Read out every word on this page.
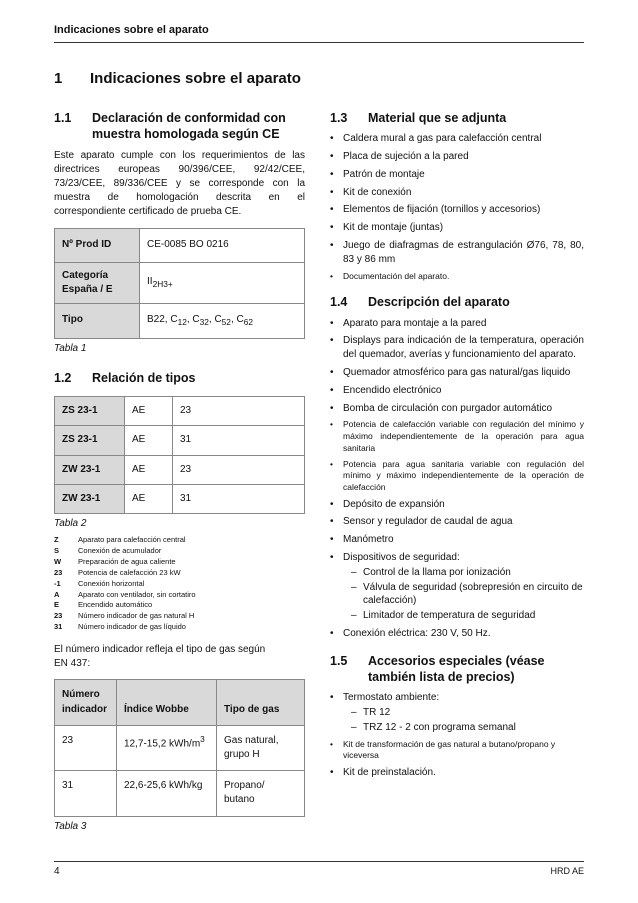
Indicaciones sobre el aparato
1 Indicaciones sobre el aparato
1.1	Declaración de conformidad con muestra homologada según CE

Este aparato cumple con los requerimientos de las directrices europeas 90/396/CEE, 92/42/CEE, 73/23/CEE, 89/336/CEE y se corresponde con la muestra de homologación descrita en el correspondiente certificado de prueba CE.

Nº Prod ID	CE-0085 BO 0216
Categoría España / E	$II_{2H3+}$
Tipo	B22, $C_{12}$, $C_{32}$, $C_{52}$, $C_{62}$
Tabla 1
1.2	Relación de tipos
ZS 23-1	AE	23
ZS 23-1	AE	31
ZW 23-1	AE	23
ZW 23-1	AE	31
Tabla 2
Z	Aparato para calefacción central
S	Conexión de acumulador
W	Preparación de agua caliente
23	Potencia de calefacción 23 kW
-1	Conexión horizontal
A	Aparato con ventilador, sin cortatiro
E	Encendido automático
23	Número indicador de gas natural H
31	Número indicador de gas líquido

El número indicador refleja el tipo de gas según EN 437:

Número indicador	Índice Wobbe	Tipo de gas
23	12,7-15,2 kWh/$m^3$	Gas natural, grupo H
31	22,6-25,6 kWh/kg	Propano/ butano
Tabla 3
1.3	Material que se adjunta
• Caldera mural a gas para calefacción central
• Placa de sujeción a la pared
• Patrón de montaje
• Kit de conexión
• Elementos de fijación (tornillos y accesorios)
• Kit de montaje (juntas)
• Juego de diafragmas de estrangulación Ø76, 78, 80, 83 y 86 mm
• Documentación del aparato.
1.4	Descripción del aparato
• Aparato para montaje a la pared
• Displays para indicación de la temperatura, operación del quemador, averías y funcionamiento del aparato.
• Quemador atmosférico para gas natural/gas liquido
• Encendido electrónico
• Bomba de circulación con purgador automático
• Potencia de calefacción variable con regulación del mínimo y máximo independientemente de la operación para agua sanitaria
• Potencia para agua sanitaria variable con regulación del mínimo y máximo independientemente de la operación de calefacción
• Depósito de expansión
• Sensor y regulador de caudal de agua
• Manómetro
• Dispositivos de seguridad:
– Control de la llama por ionización
– Válvula de seguridad (sobrepresión en circuito de calefacción)
– Limitador de temperatura de seguridad
• Conexión eléctrica: 230 V, 50 Hz.
1.5	Accesorios especiales (véase también lista de precios)
• Termostato ambiente:
– TR 12
– TRZ 12 - 2 con programa semanal
• Kit de transformación de gas natural a butano/propano y viceversa
• Kit de preinstalación.
4	HRD AE
